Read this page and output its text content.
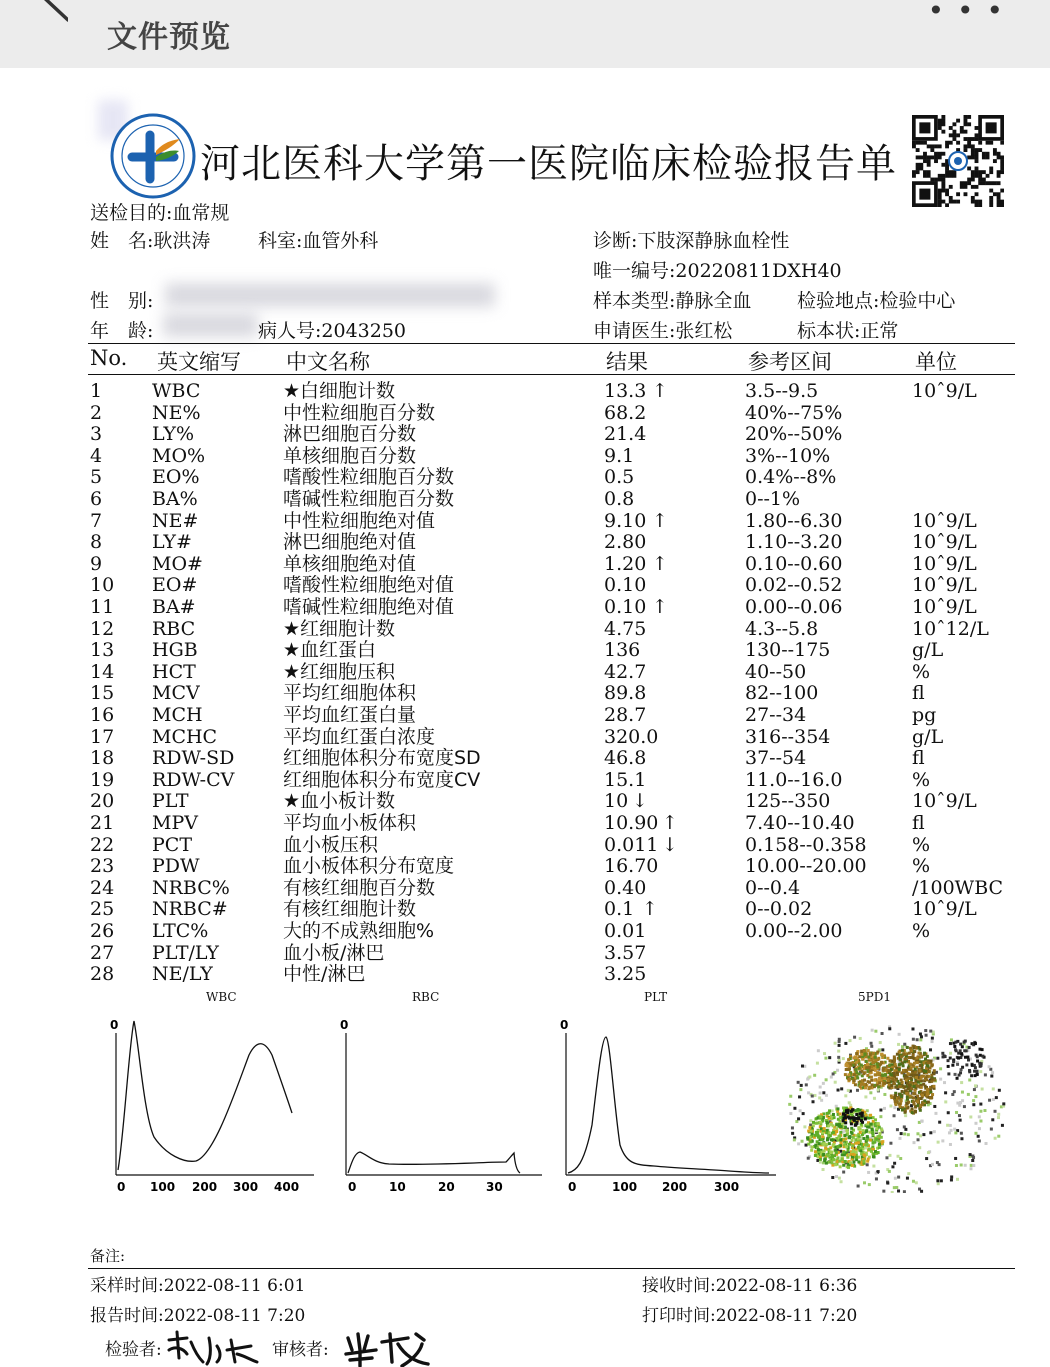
文件预览
• • •
河北医科大学第一医院临床检验报告单
送检目的:血常规
姓　名:耿洪涛	科室:血管外科	诊断:下肢深静脉血栓性
唯一编号:20220811DXH40
性　别:	样本类型:静脉全血 检验地点:检验中心
年　龄:	病人号:2043250	申请医生:张红松	标本状:正常
No. 英文缩写 中文名称	结果	参考区间	单位
1	WBC	★白细胞计数	13.3 ↑	3.5--9.5	10ˆ9/L
2	NE%	中性粒细胞百分数	68.2	40%--75%
3	LY%	淋巴细胞百分数	21.4	20%--50%
4	MO%	单核细胞百分数	9.1	3%--10%
5	EO%	嗜酸性粒细胞百分数	0.5	0.4%--8%
6	BA%	嗜碱性粒细胞百分数	0.8	0--1%
7	NE#	中性粒细胞绝对值	9.10 ↑	1.80--6.30	10ˆ9/L
8	LY#	淋巴细胞绝对值	2.80	1.10--3.20	10ˆ9/L
9	MO#	单核细胞绝对值	1.20 ↑	0.10--0.60	10ˆ9/L
10 EO#	嗜酸性粒细胞绝对值	0.10	0.02--0.52	10ˆ9/L
11 BA#	嗜碱性粒细胞绝对值	0.10 ↑	0.00--0.06	10ˆ9/L
12 RBC	★红细胞计数	4.75	4.3--5.8	10ˆ12/L
13 HGB	★血红蛋白	136	130--175	g/L
14 HCT	★红细胞压积	42.7	40--50	%
15 MCV	平均红细胞体积	89.8	82--100	fl
16 MCH	平均血红蛋白量	28.7	27--34	pg
17 MCHC	平均血红蛋白浓度	320.0	316--354	g/L
18 RDW-SD	红细胞体积分布宽度SD	46.8	37--54	fl
19 RDW-CV	红细胞体积分布宽度CV	15.1	11.0--16.0	%
20 PLT	★血小板计数	10 ↓	125--350	10ˆ9/L
21 MPV	平均血小板体积	10.90 ↑	7.40--10.40	fl
22 PCT	血小板压积	0.011 ↓	0.158--0.358 %
23 PDW	血小板体积分布宽度	16.70	10.00--20.00 %
24 NRBC%	有核红细胞百分数	0.40	0--0.4	/100WBC
25 NRBC#	有核红细胞计数	0.1 ↑	0--0.02	10ˆ9/L
26 LTC%	大的不成熟细胞%	0.01	0.00--2.00	%
27 PLT/LY	血小板/淋巴	3.57
28 NE/LY	中性/淋巴	3.25
WBC	RBC	PLT	5PD1
0
0 100 200 300 400
0
0	10	20	30
0
0	100 200 300
备注:
采样时间:2022-08-11 6:01	接收时间:2022-08-11 6:36
报告时间:2022-08-11 7:20	打印时间:2022-08-11 7:20
检验者:	审核者:
